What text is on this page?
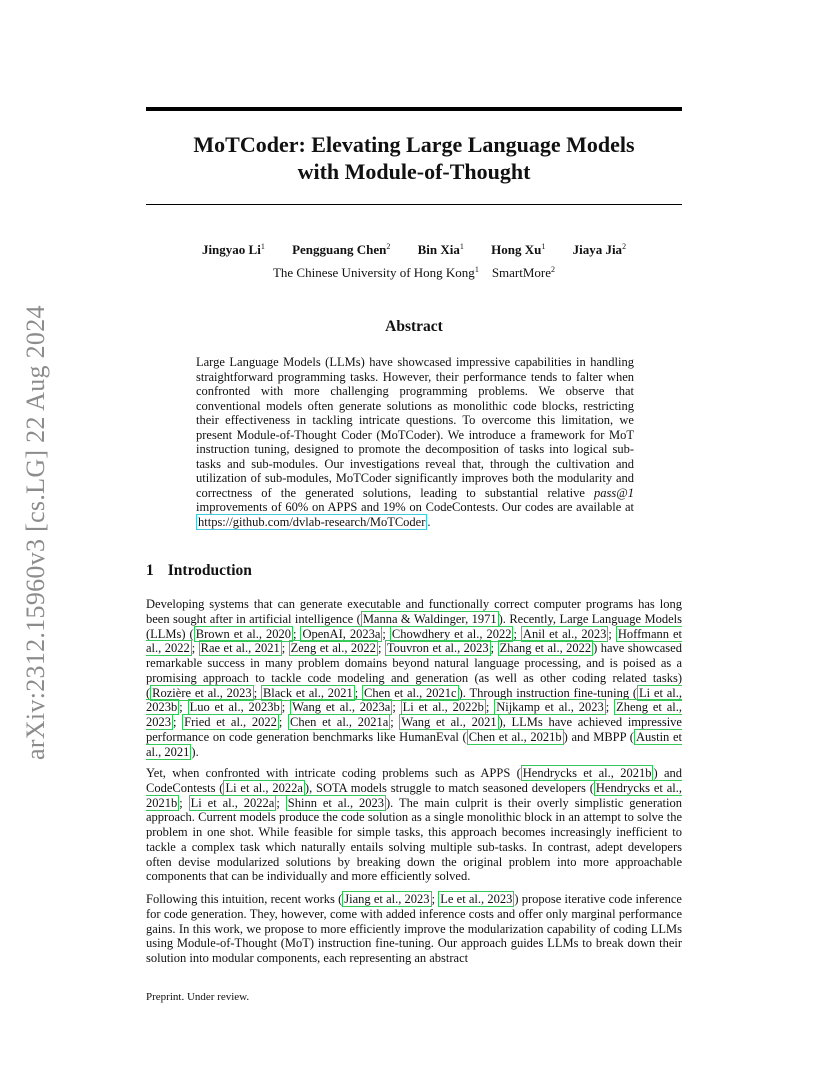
arXiv:2312.15960v3 [cs.LG] 22 Aug 2024
MoTCoder: Elevating Large Language Models
with Module-of-Thought
Jingyao Li$^1$ Pengguang Chen$^2$ Bin Xia$^1$ Hong Xu$^1$ Jiaya Jia$^2$
The Chinese University of Hong Kong$^1$ SmartMore$^2$
Abstract
Large Language Models (LLMs) have showcased impressive capabilities in handling straightforward programming tasks. However, their performance tends to falter when confronted with more challenging programming problems. We observe that conventional models often generate solutions as monolithic code blocks, restricting their effectiveness in tackling intricate questions. To overcome this limitation, we present Module-of-Thought Coder (MoTCoder). We introduce a framework for MoT instruction tuning, designed to promote the decomposition of tasks into logical sub-tasks and sub-modules. Our investigations reveal that, through the cultivation and utilization of sub-modules, MoTCoder significantly improves both the modularity and correctness of the generated solutions, leading to substantial relative pass@1 improvements of 60% on APPS and 19% on CodeContests. Our codes are available at https://github.com/dvlab-research/MoTCoder .
1 Introduction
Developing systems that can generate executable and functionally correct computer programs has long been sought after in artificial intelligence ( Manna & Waldinger, 1971 ). Recently, Large Language Models (LLMs) ( Brown et al., 2020 ; OpenAI, 2023a ; Chowdhery et al., 2022 ; Anil et al., 2023 ; Hoffmann et al., 2022 ; Rae et al., 2021 ; Zeng et al., 2022 ; Touvron et al., 2023 ; Zhang et al., 2022 ) have showcased remarkable success in many problem domains beyond natural language processing, and is poised as a promising approach to tackle code modeling and generation (as well as other coding related tasks) ( Rozière et al., 2023 ; Black et al., 2021 ; Chen et al., 2021c ). Through instruction fine-tuning ( Li et al., 2023b ; Luo et al., 2023b ; Wang et al., 2023a ; Li et al., 2022b ; Nijkamp et al., 2023 ; Zheng et al., 2023 ; Fried et al., 2022 ; Chen et al., 2021a ; Wang et al., 2021 ), LLMs have achieved impressive performance on code generation benchmarks like HumanEval ( Chen et al., 2021b ) and MBPP ( Austin et al., 2021 ).
Yet, when confronted with intricate coding problems such as APPS ( Hendrycks et al., 2021b ) and CodeContests ( Li et al., 2022a ), SOTA models struggle to match seasoned developers ( Hendrycks et al., 2021b ; Li et al., 2022a ; Shinn et al., 2023 ). The main culprit is their overly simplistic generation approach. Current models produce the code solution as a single monolithic block in an attempt to solve the problem in one shot. While feasible for simple tasks, this approach becomes increasingly inefficient to tackle a complex task which naturally entails solving multiple sub-tasks. In contrast, adept developers often devise modularized solutions by breaking down the original problem into more approachable components that can be individually and more efficiently solved.
Following this intuition, recent works ( Jiang et al., 2023 ; Le et al., 2023 ) propose iterative code inference for code generation. They, however, come with added inference costs and offer only marginal performance gains. In this work, we propose to more efficiently improve the modularization capability of coding LLMs using Module-of-Thought (MoT) instruction fine-tuning. Our approach guides LLMs to break down their solution into modular components, each representing an abstract
Preprint. Under review.
